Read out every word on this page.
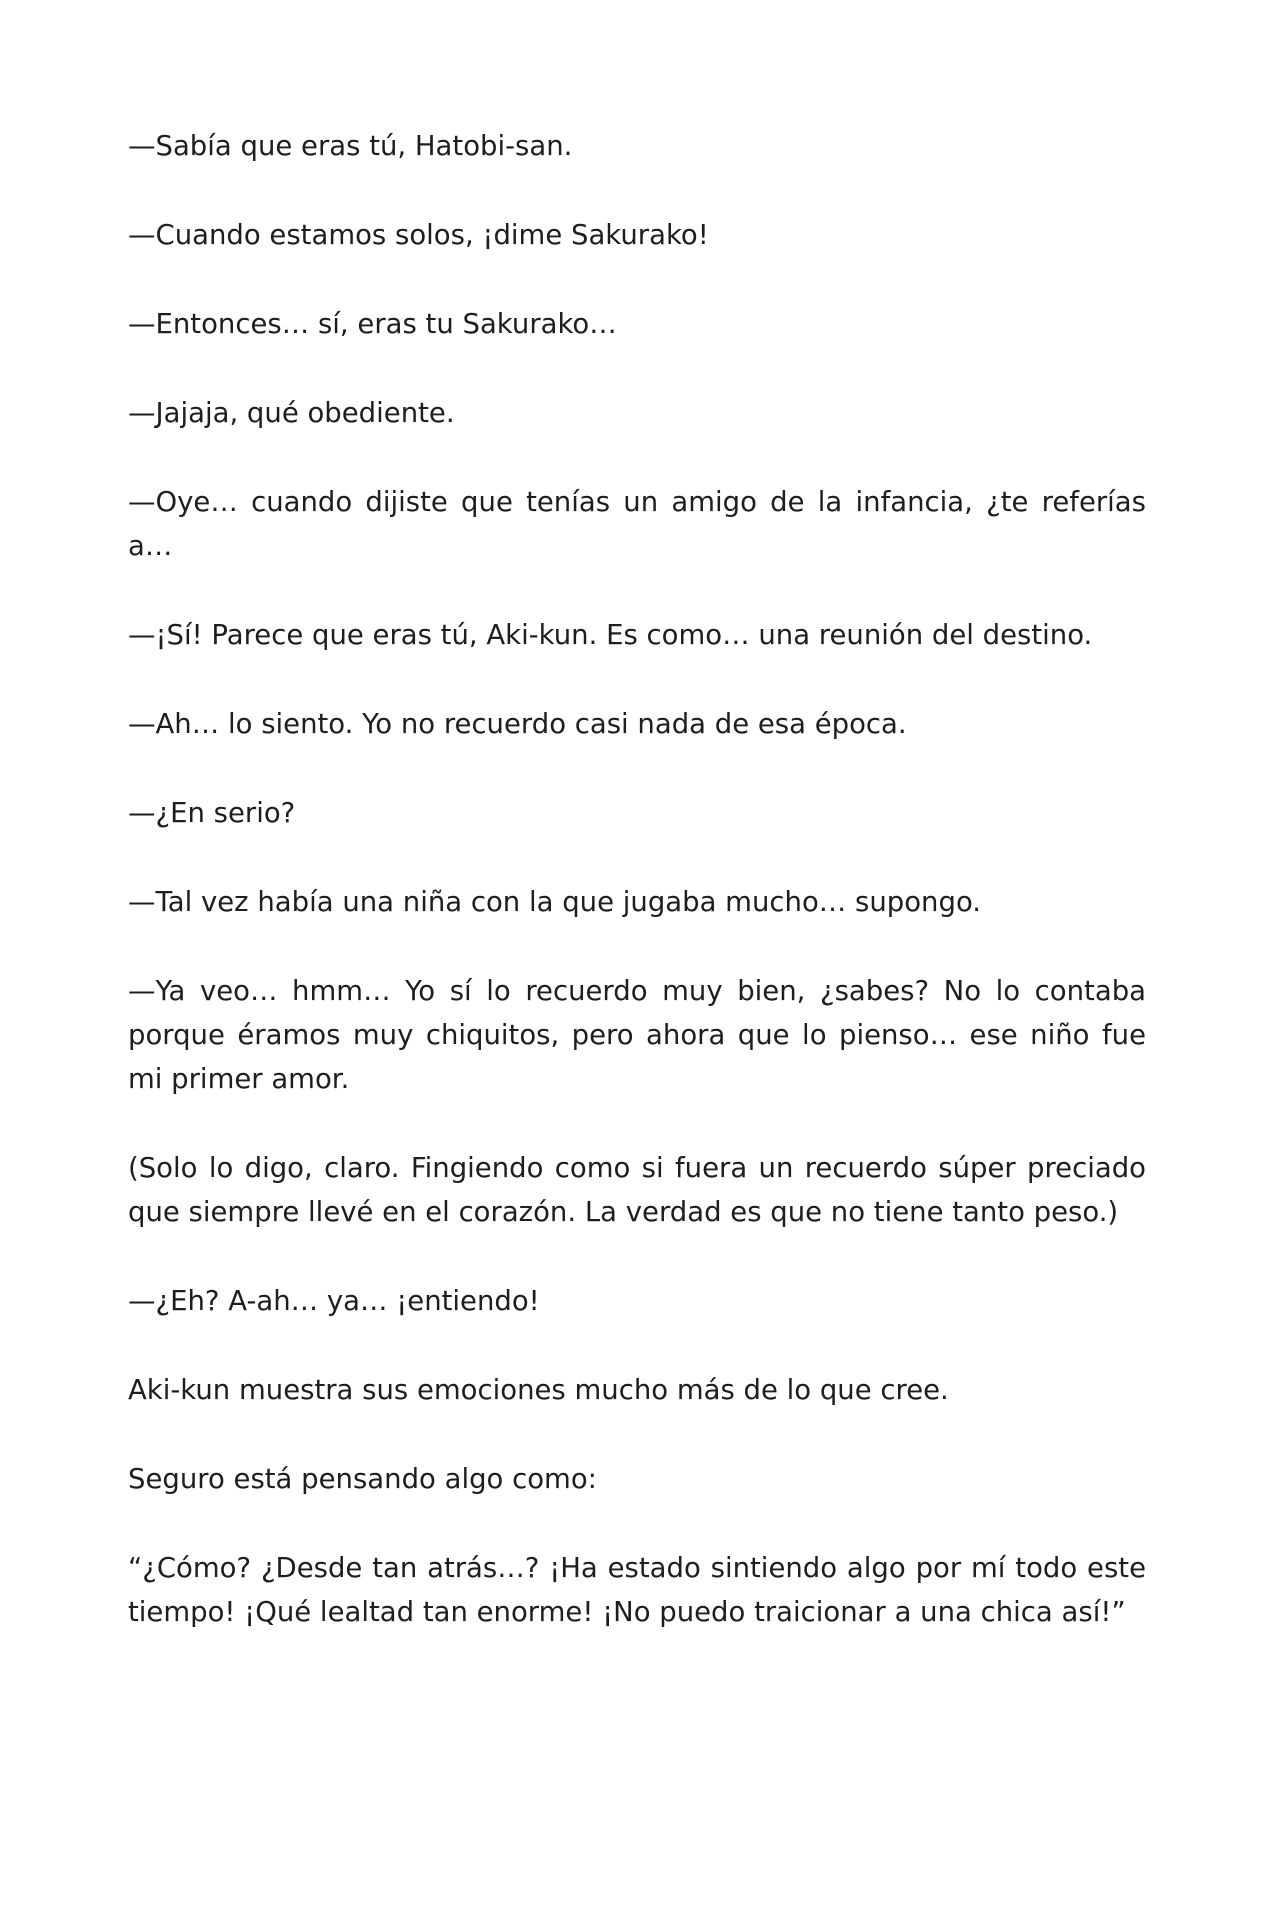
—Sabía que eras tú, Hatobi-san.

—Cuando estamos solos, ¡dime Sakurako!

—Entonces… sí, eras tu Sakurako…

—Jajaja, qué obediente.

—Oye… cuando dijiste que tenías un amigo de la infancia, ¿te referías a…

—¡Sí! Parece que eras tú, Aki-kun. Es como… una reunión del destino.

—Ah… lo siento. Yo no recuerdo casi nada de esa época.

—¿En serio?

—Tal vez había una niña con la que jugaba mucho… supongo.

—Ya veo… hmm… Yo sí lo recuerdo muy bien, ¿sabes? No lo contaba porque éramos muy chiquitos, pero ahora que lo pienso… ese niño fue mi primer amor.

(Solo lo digo, claro. Fingiendo como si fuera un recuerdo súper preciado que siempre llevé en el corazón. La verdad es que no tiene tanto peso.)

—¿Eh? A-ah… ya… ¡entiendo!

Aki-kun muestra sus emociones mucho más de lo que cree.

Seguro está pensando algo como:

“¿Cómo? ¿Desde tan atrás…? ¡Ha estado sintiendo algo por mí todo este tiempo! ¡Qué lealtad tan enorme! ¡No puedo traicionar a una chica así!”
